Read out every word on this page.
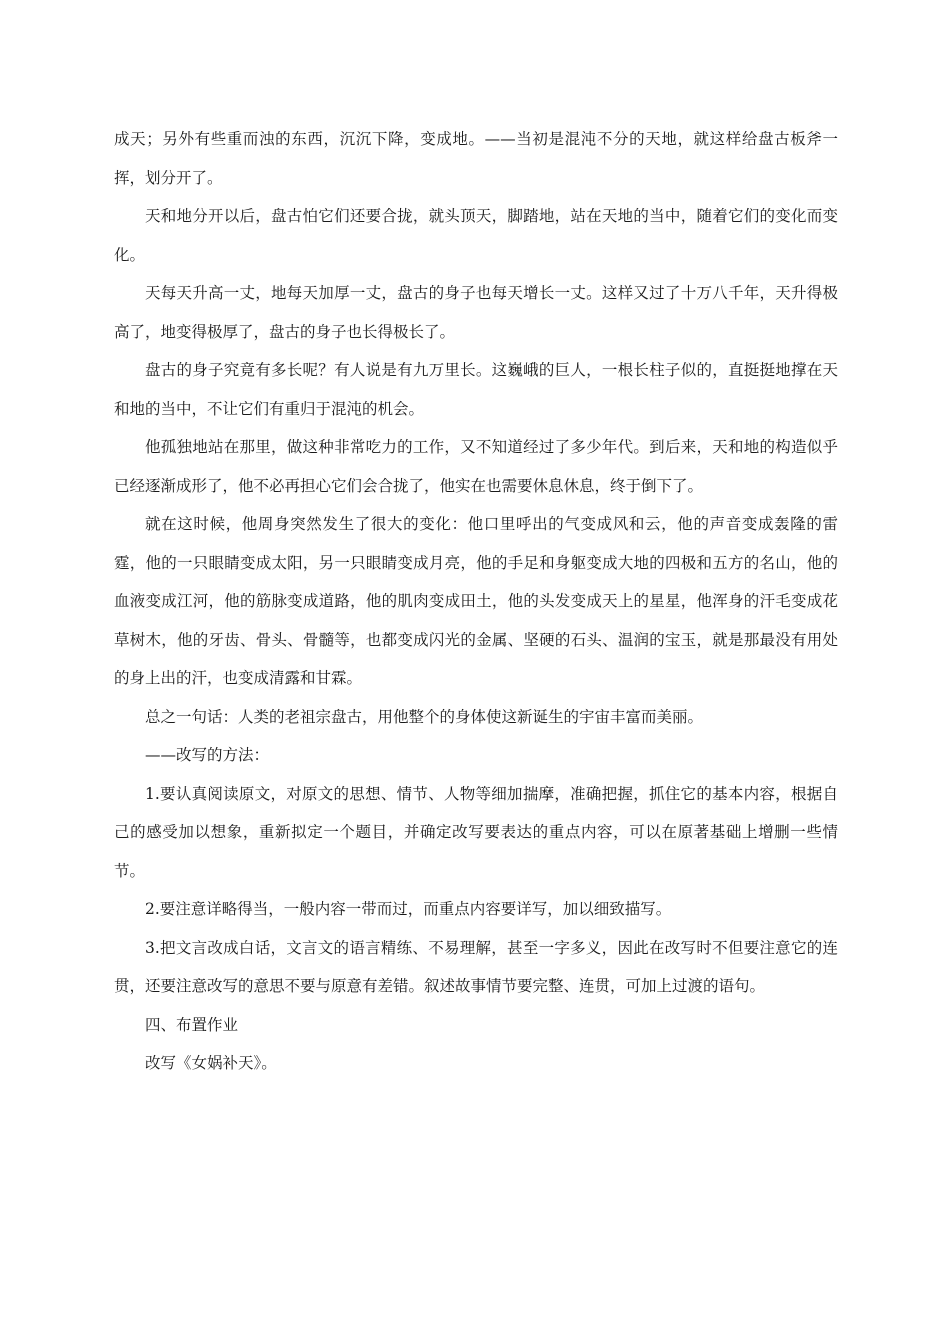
成天；另外有些重而浊的东西，沉沉下降，变成地。——当初是混沌不分的天地，就这样给盘古板斧一挥，划分开了。

天和地分开以后，盘古怕它们还要合拢，就头顶天，脚踏地，站在天地的当中，随着它们的变化而变化。

天每天升高一丈，地每天加厚一丈，盘古的身子也每天增长一丈。这样又过了十万八千年，天升得极高了，地变得极厚了，盘古的身子也长得极长了。

盘古的身子究竟有多长呢？有人说是有九万里长。这巍峨的巨人，一根长柱子似的，直挺挺地撑在天和地的当中，不让它们有重归于混沌的机会。

他孤独地站在那里，做这种非常吃力的工作，又不知道经过了多少年代。到后来，天和地的构造似乎已经逐渐成形了，他不必再担心它们会合拢了，他实在也需要休息休息，终于倒下了。

就在这时候，他周身突然发生了很大的变化：他口里呼出的气变成风和云，他的声音变成轰隆的雷霆，他的一只眼睛变成太阳，另一只眼睛变成月亮，他的手足和身躯变成大地的四极和五方的名山，他的血液变成江河，他的筋脉变成道路，他的肌肉变成田土，他的头发变成天上的星星，他浑身的汗毛变成花草树木，他的牙齿、骨头、骨髓等，也都变成闪光的金属、坚硬的石头、温润的宝玉，就是那最没有用处的身上出的汗，也变成清露和甘霖。

总之一句话：人类的老祖宗盘古，用他整个的身体使这新诞生的宇宙丰富而美丽。

——改写的方法：

1.要认真阅读原文，对原文的思想、情节、人物等细加揣摩，准确把握，抓住它的基本内容，根据自己的感受加以想象，重新拟定一个题目，并确定改写要表达的重点内容，可以在原著基础上增删一些情节。

2.要注意详略得当，一般内容一带而过，而重点内容要详写，加以细致描写。

3.把文言改成白话，文言文的语言精练、不易理解，甚至一字多义，因此在改写时不但要注意它的连贯，还要注意改写的意思不要与原意有差错。叙述故事情节要完整、连贯，可加上过渡的语句。

四、布置作业

改写《女娲补天》。
